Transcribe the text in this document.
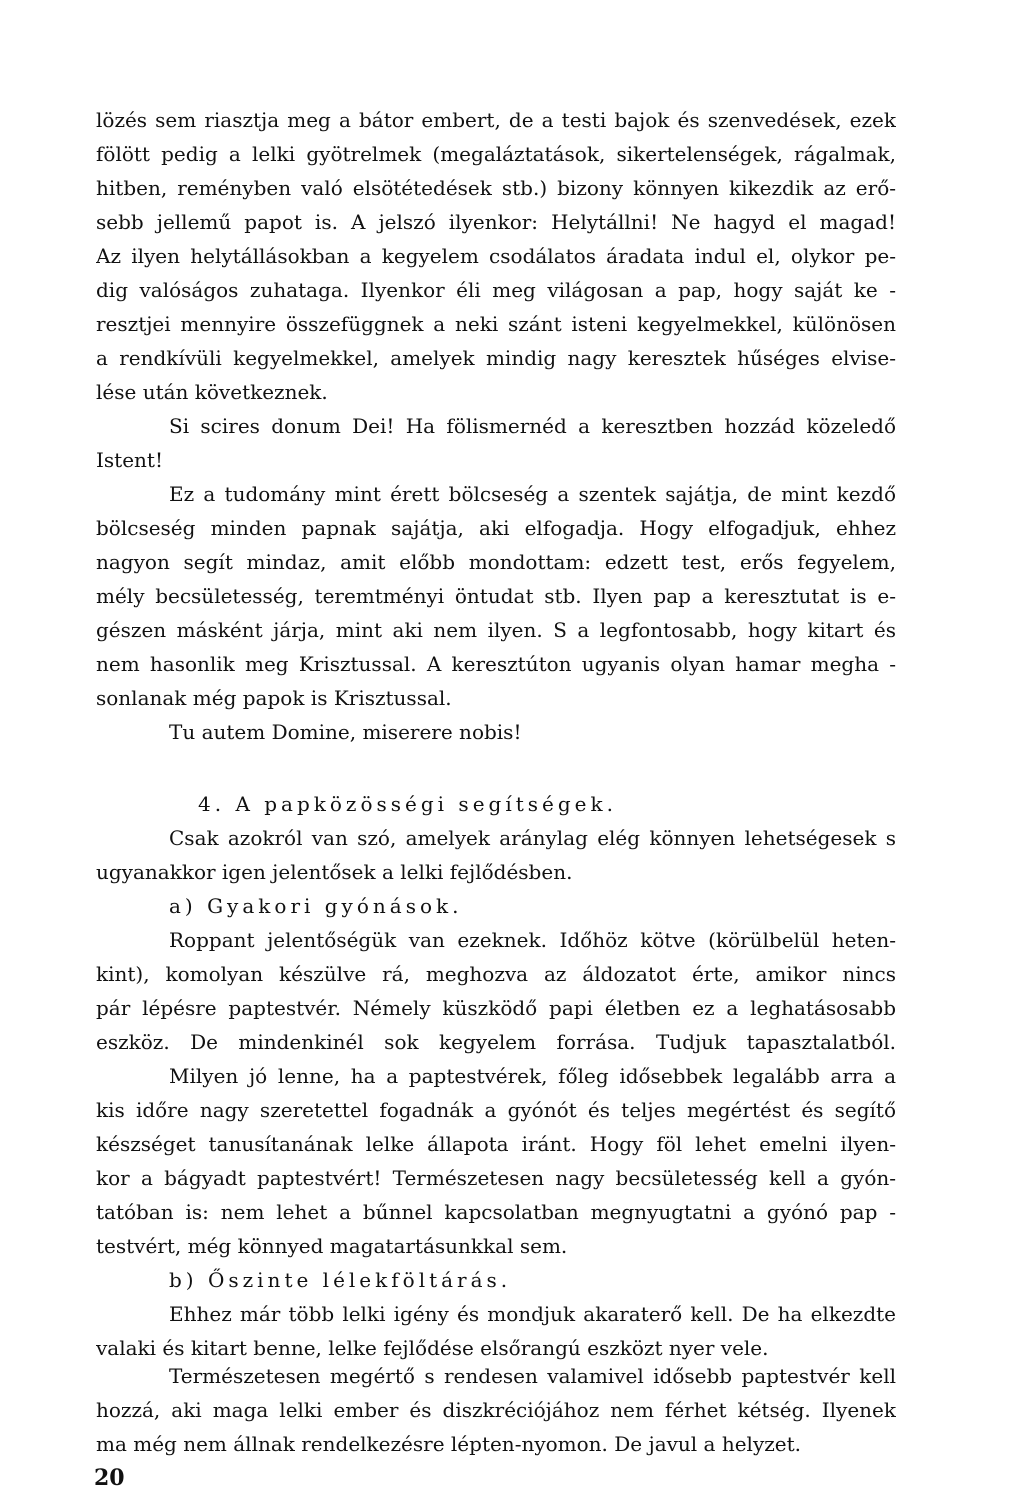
lözés sem riasztja meg a bátor embert, de a testi bajok és szenvedések, ezek
fölött pedig a lelki gyötrelmek (megaláztatások, sikertelenségek, rágalmak,
hitben, reményben való elsötétedések stb.) bizony könnyen kikezdik az erő-
sebb jellemű papot is. A jelszó ilyenkor: Helytállni! Ne hagyd el magad!
Az ilyen helytállásokban a kegyelem csodálatos áradata indul el, olykor pe-
dig valóságos zuhataga. Ilyenkor éli meg világosan a pap, hogy saját ke -
resztjei mennyire összefüggnek a neki szánt isteni kegyelmekkel, különösen
a rendkívüli kegyelmekkel, amelyek mindig nagy keresztek hűséges elvise-
lése után következnek.
Si scires donum Dei! Ha fölismernéd a keresztben hozzád közeledő
Istent!
Ez a tudomány mint érett bölcseség a szentek sajátja, de mint kezdő
bölcseség minden papnak sajátja, aki elfogadja. Hogy elfogadjuk, ehhez
nagyon segít mindaz, amit előbb mondottam: edzett test, erős fegyelem,
mély becsületesség, teremtményi öntudat stb. Ilyen pap a keresztutat is e-
gészen másként járja, mint aki nem ilyen. S a legfontosabb, hogy kitart és
nem hasonlik meg Krisztussal. A keresztúton ugyanis olyan hamar megha -
sonlanak még papok is Krisztussal.
Tu autem Domine, miserere nobis!
4. A papközösségi segítségek.
Csak azokról van szó, amelyek aránylag elég könnyen lehetségesek s
ugyanakkor igen jelentősek a lelki fejlődésben.
a) Gyakori gyónások.
Roppant jelentőségük van ezeknek. Időhöz kötve (körülbelül heten-
kint), komolyan készülve rá, meghozva az áldozatot érte, amikor nincs
pár lépésre paptestvér. Némely küszködő papi életben ez a leghatásosabb
eszköz. De mindenkinél sok kegyelem forrása. Tudjuk tapasztalatból.
Milyen jó lenne, ha a paptestvérek, főleg idősebbek legalább arra a
kis időre nagy szeretettel fogadnák a gyónót és teljes megértést és segítő
készséget tanusítanának lelke állapota iránt. Hogy föl lehet emelni ilyen-
kor a bágyadt paptestvért! Természetesen nagy becsületesség kell a gyón-
tatóban is: nem lehet a bűnnel kapcsolatban megnyugtatni a gyónó pap -
testvért, még könnyed magatartásunkkal sem.
b) Őszinte lélekföltárás.
Ehhez már több lelki igény és mondjuk akaraterő kell. De ha elkezdte
valaki és kitart benne, lelke fejlődése elsőrangú eszközt nyer vele.
Természetesen megértő s rendesen valamivel idősebb paptestvér kell
hozzá, aki maga lelki ember és diszkréciójához nem férhet kétség. Ilyenek
ma még nem állnak rendelkezésre lépten-nyomon. De javul a helyzet.
20
